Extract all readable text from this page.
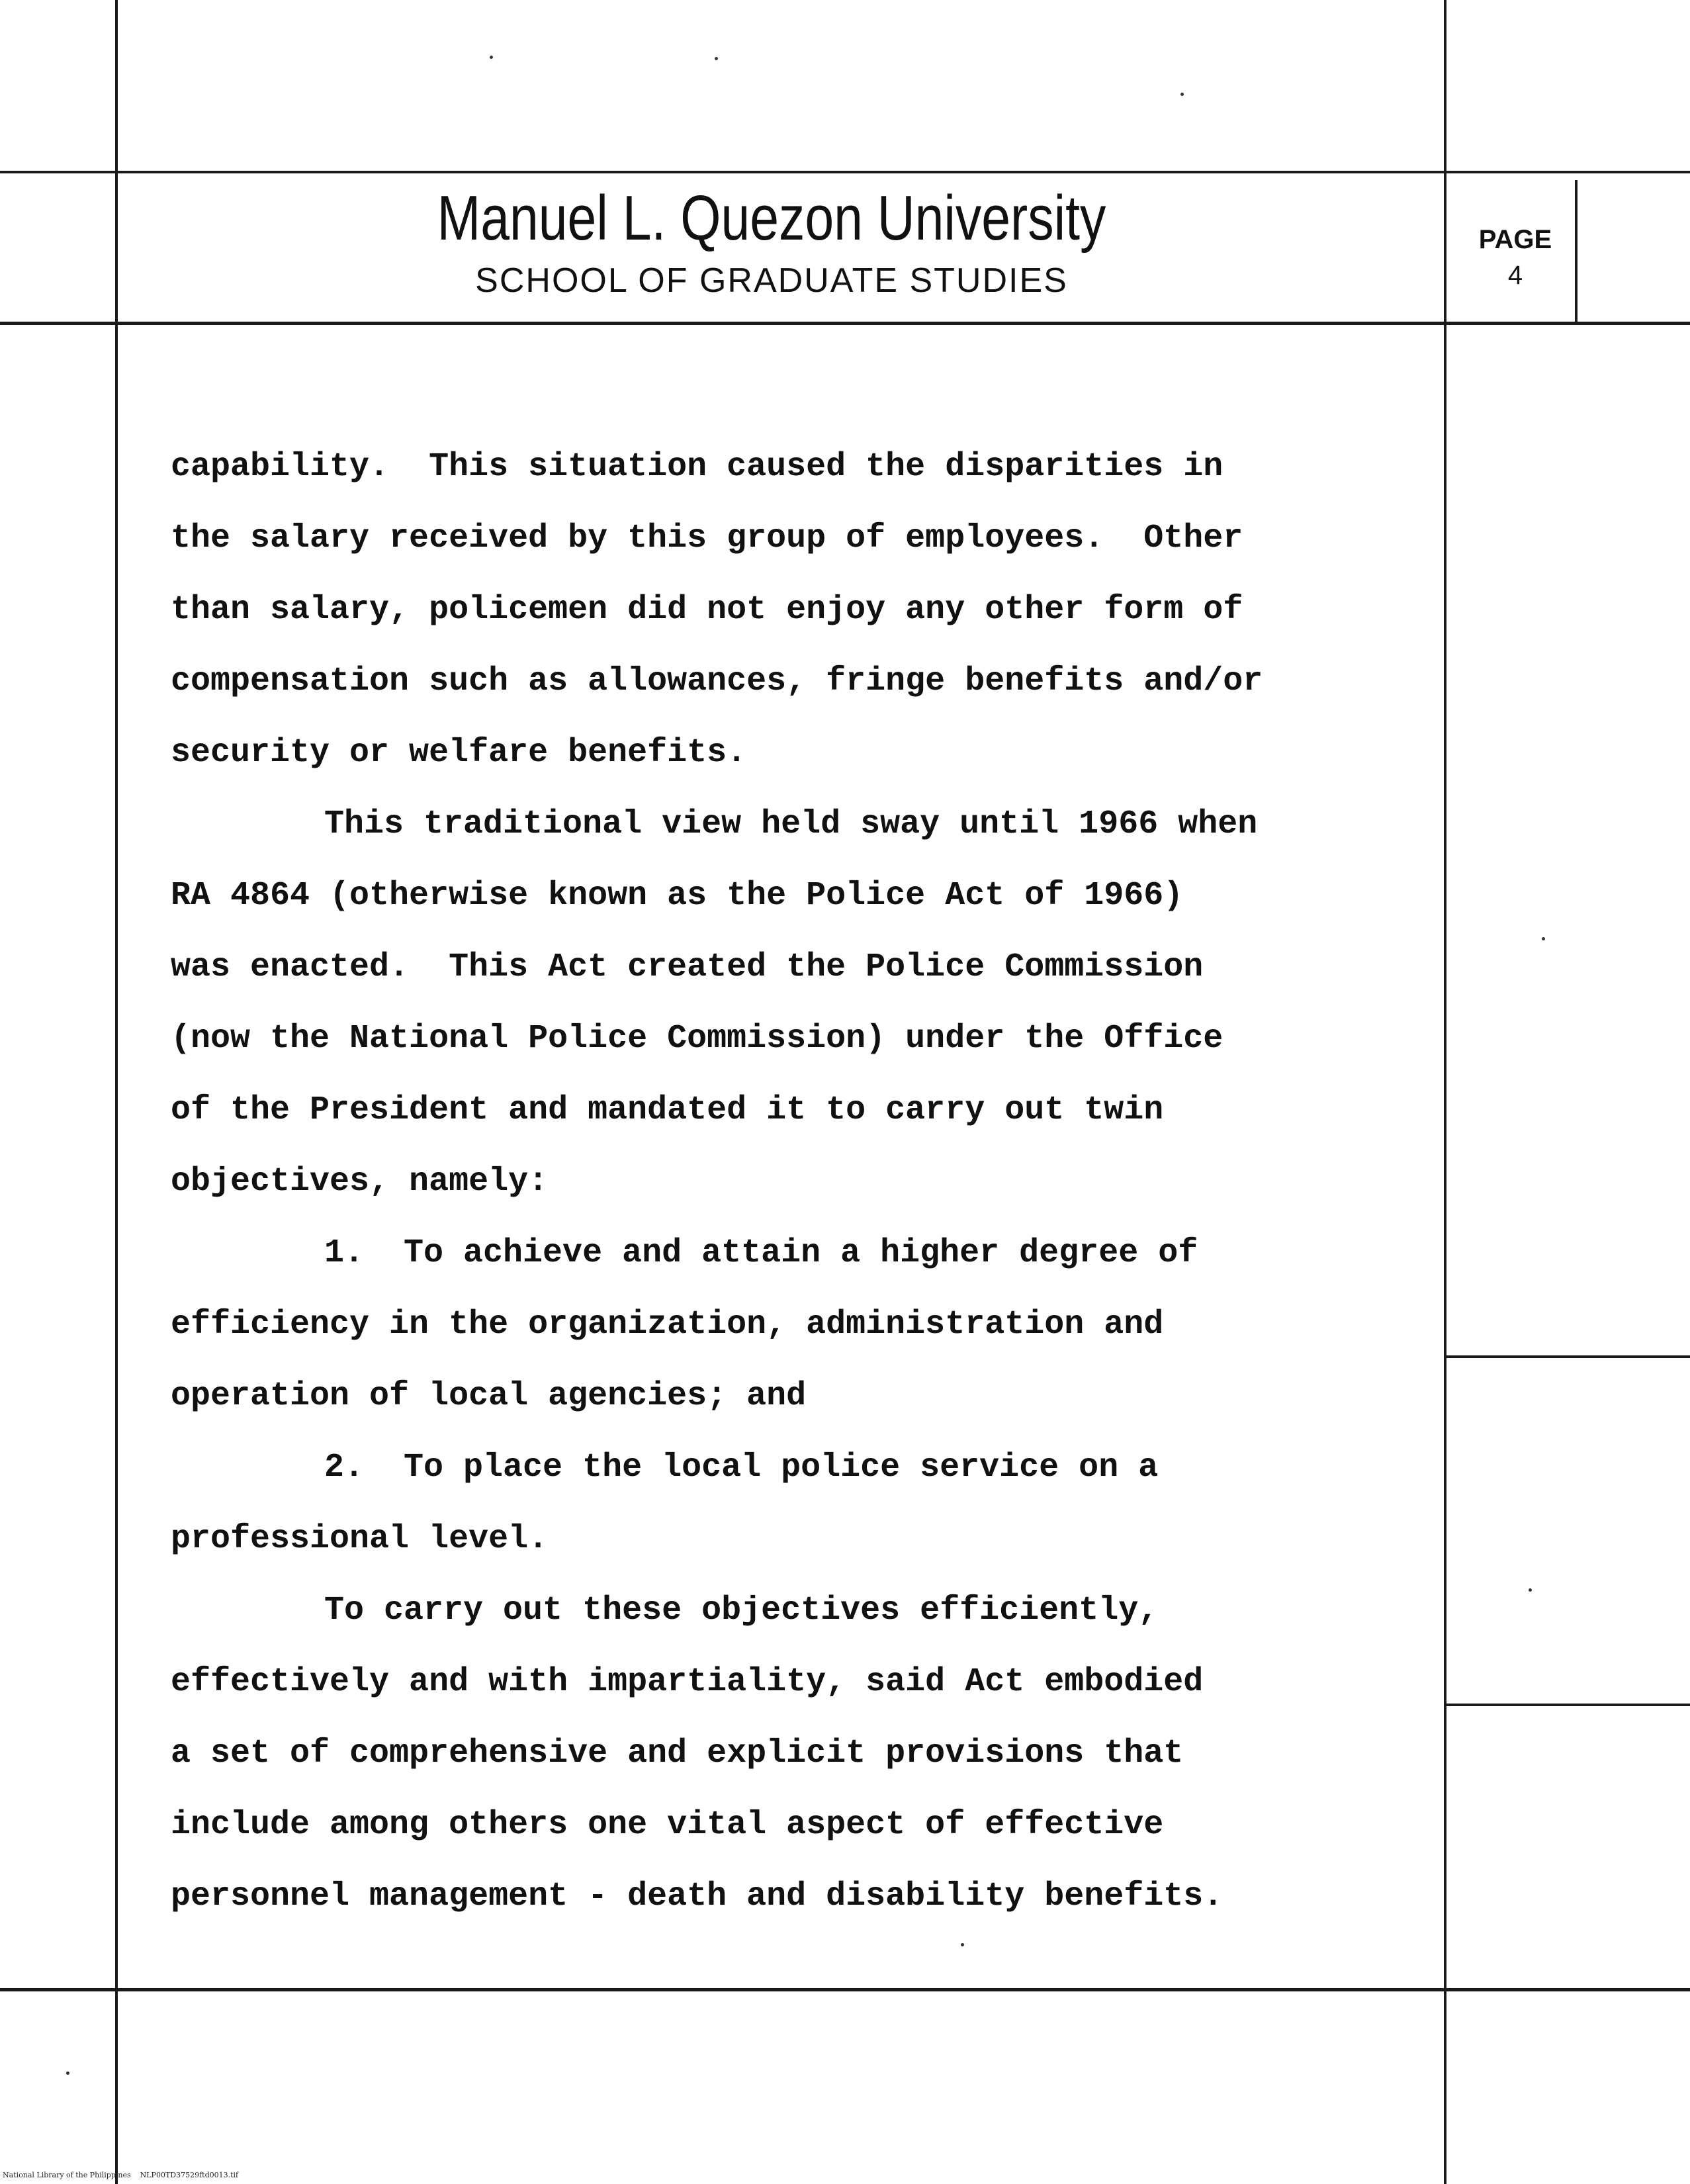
Manuel L. Quezon University
SCHOOL OF GRADUATE STUDIES
PAGE
4

capability.  This situation caused the disparities in

the salary received by this group of employees.  Other

than salary, policemen did not enjoy any other form of

compensation such as allowances, fringe benefits and/or

security or welfare benefits.

This traditional view held sway until 1966 when

RA 4864 (otherwise known as the Police Act of 1966)

was enacted.  This Act created the Police Commission

(now the National Police Commission) under the Office

of the President and mandated it to carry out twin

objectives, namely:

1.  To achieve and attain a higher degree of

efficiency in the organization, administration and

operation of local agencies; and

2.  To place the local police service on a

professional level.

To carry out these objectives efficiently,

effectively and with impartiality, said Act embodied

a set of comprehensive and explicit provisions that

include among others one vital aspect of effective

personnel management - death and disability benefits.

National Library of the Philippines    NLP00TD37529ftd0013.tif
